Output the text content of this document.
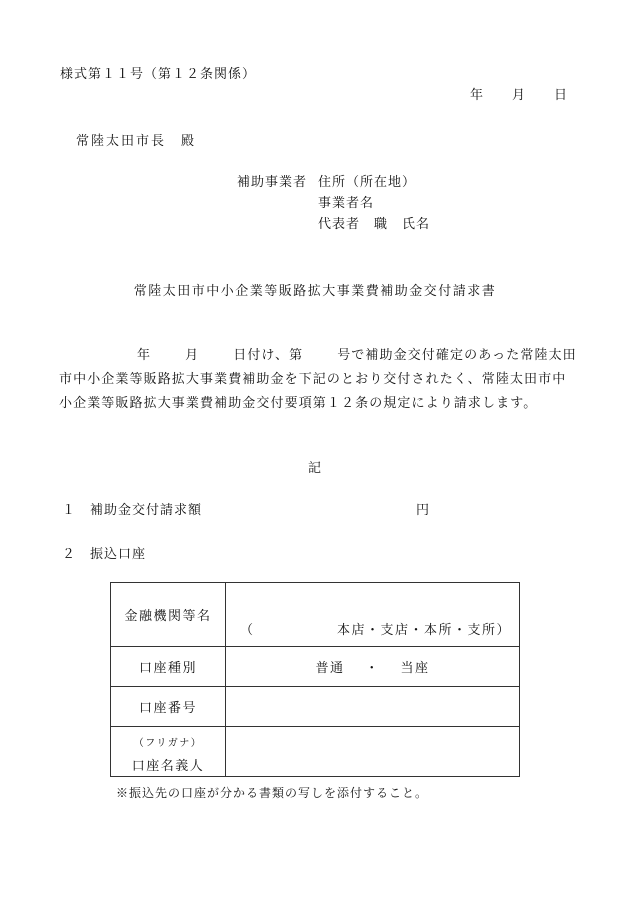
様式第１１号（第１２条関係）
年 月 日
常陸太田市長　殿
補助事業者 住所（所在地）
事業者名
代表者　職　氏名
常陸太田市中小企業等販路拡大事業費補助金交付請求書
年	月	日付け、第	号で補助金交付確定のあった常陸太田市中小企業等販路拡大事業費補助金を下記のとおり交付されたく、常陸太田市中小企業等販路拡大事業費補助金交付要項第１２条の規定により請求します。
記
１ 補助金交付請求額	円
２ 振込口座
金融機関等名	（ 本店・支店・本所・支所）

口座種別	普通 ・ 当座
口座番号	

（フリガナ）
口座名義人	

※振込先の口座が分かる書類の写しを添付すること。
